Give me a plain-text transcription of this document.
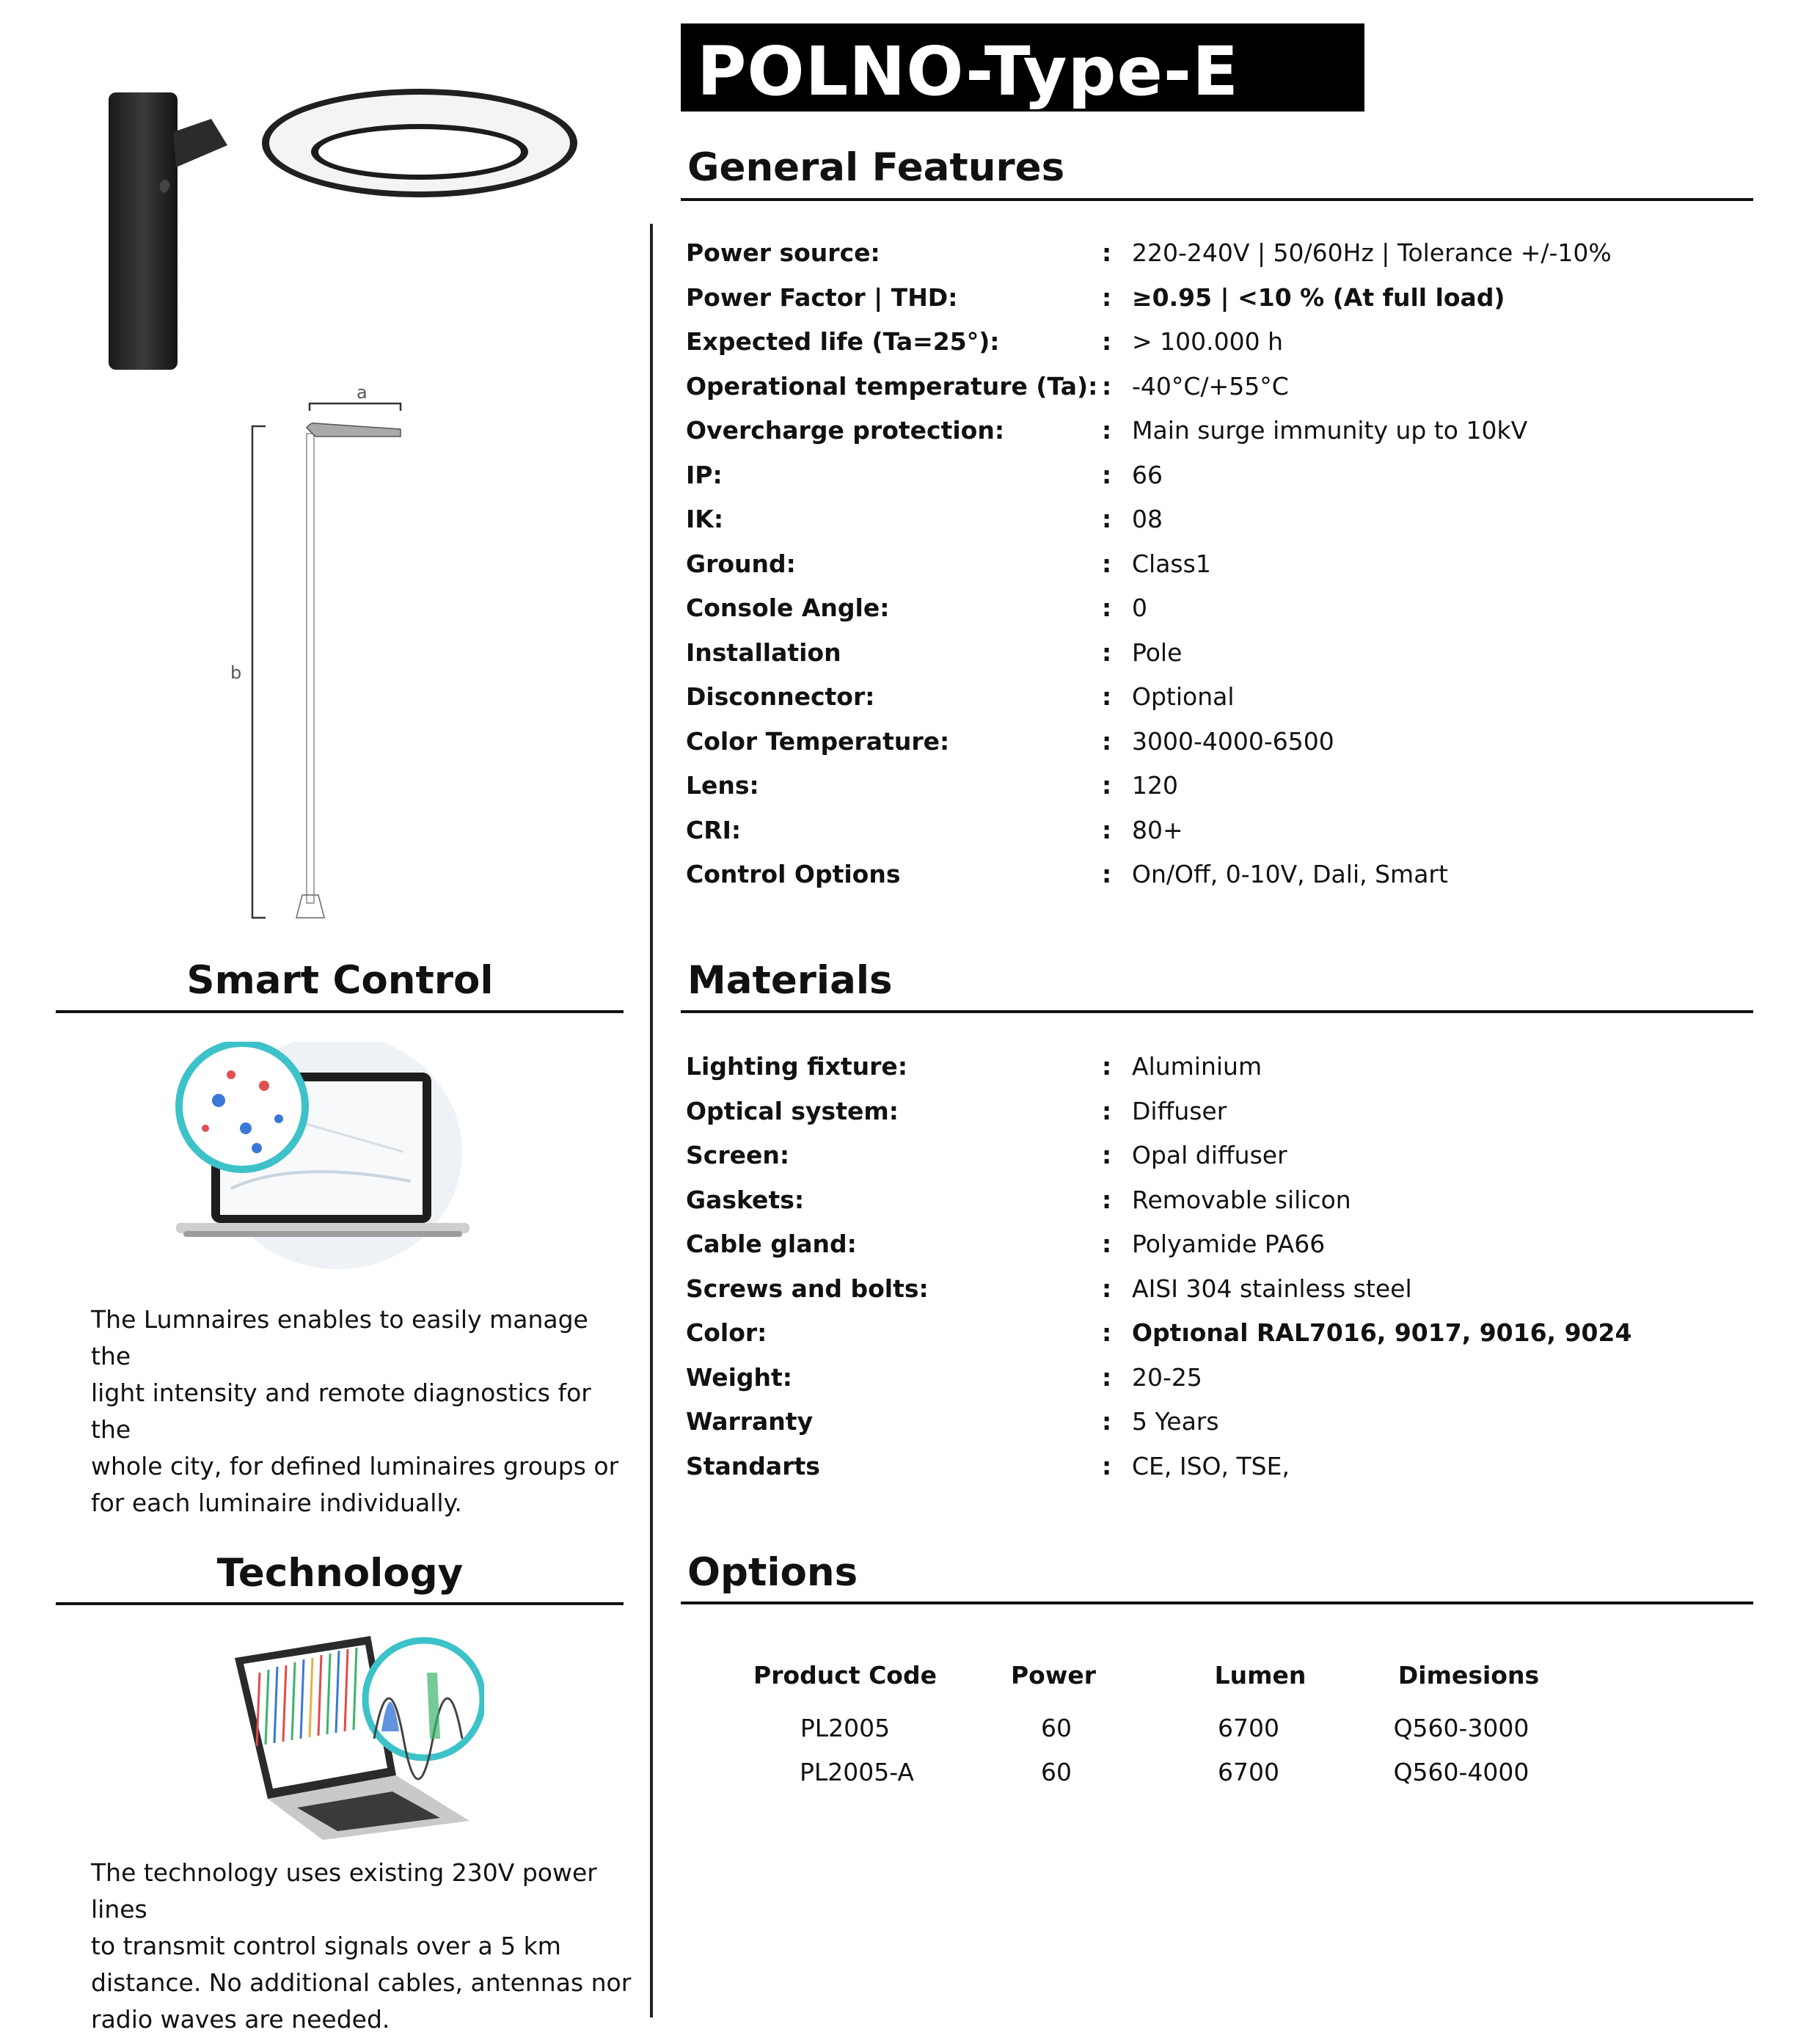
a
b
Smart Control
The Lumnaires enables to easily manage the
light intensity and remote diagnostics for the
whole city, for defined luminaires groups or
for each luminaire individually.
Technology
The technology uses existing 230V power lines
to transmit control signals over a 5 km
distance. No additional cables, antennas nor
radio waves are needed.
POLNO-Type-E
General Features
Power source:	: 220-240V | 50/60Hz | Tolerance +/-10%
Power Factor | THD:	: ≥0.95 | <10 % (At full load)
Expected life (Ta=25°):	: > 100.000 h
Operational temperature (Ta): : -40°C/+55°C
Overcharge protection:	: Main surge immunity up to 10kV
IP:	: 66
IK:	: 08
Ground:	: Class1
Console Angle:	: 0
Installation	: Pole
Disconnector:	: Optional
Color Temperature:	: 3000-4000-6500
Lens:	: 120
CRI:	: 80+
Control Options	: On/Off, 0-10V, Dali, Smart
Materials
Lighting fixture:	: Aluminium
Optical system:	: Diffuser
Screen:	: Opal diffuser
Gaskets:	: Removable silicon
Cable gland:	: Polyamide PA66
Screws and bolts:	: AISI 304 stainless steel
Color:	: Optıonal RAL7016, 9017, 9016, 9024
Weight:	: 20-25
Warranty	: 5 Years
Standarts	: CE, ISO, TSE,
Options
Product Code	Power	Lumen	Dimesions
PL2005	60	6700	Q560-3000
PL2005-A	60	6700	Q560-4000
